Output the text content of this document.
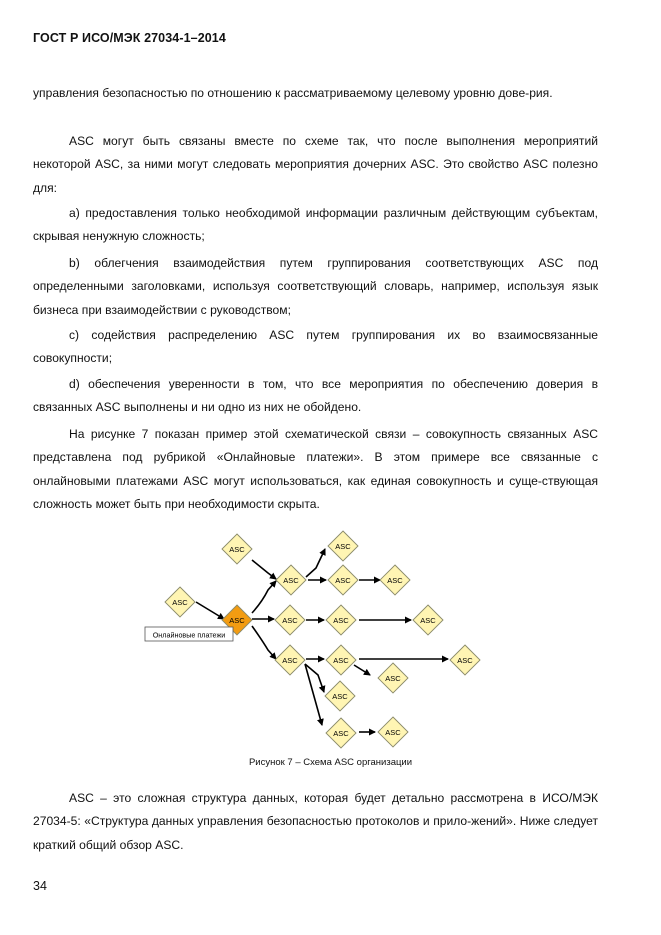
ГОСТ Р ИСО/МЭК 27034-1–2014

управления безопасностью по отношению к рассматриваемому целевому уровню дове-рия.

ASC могут быть связаны вместе по схеме так, что после выполнения мероприятий некоторой ASC, за ними могут следовать мероприятия дочерних ASC. Это свойство ASC полезно для:

а) предоставления только необходимой информации различным действующим субъектам, скрывая ненужную сложность;

b) облегчения взаимодействия путем группирования соответствующих ASC под определенными заголовками, используя соответствующий словарь, например, используя язык бизнеса при взаимодействии с руководством;

c) содействия распределению ASC путем группирования их во взаимосвязанные совокупности;

d) обеспечения уверенности в том, что все мероприятия по обеспечению доверия в связанных ASC выполнены и ни одно из них не обойдено.

На рисунке 7 показан пример этой схематической связи – совокупность связанных ASC представлена под рубрикой «Онлайновые платежи». В этом примере все связанные с онлайновыми платежами ASC могут использоваться, как единая совокупность и суще-ствующая сложность может быть при необходимости скрыта.

ASC
ASC
ASC
ASC
ASC
ASC	ASC
ASC	ASC	ASC
ASC	ASC	ASC
ASC
ASC
ASC	ASC
Онлайновые платежи
Рисунок 7 – Схема ASC организации

ASC – это сложная структура данных, которая будет детально рассмотрена в ИСО/МЭК 27034-5: «Структура данных управления безопасностью протоколов и прило-жений». Ниже следует краткий общий обзор ASC.

34
